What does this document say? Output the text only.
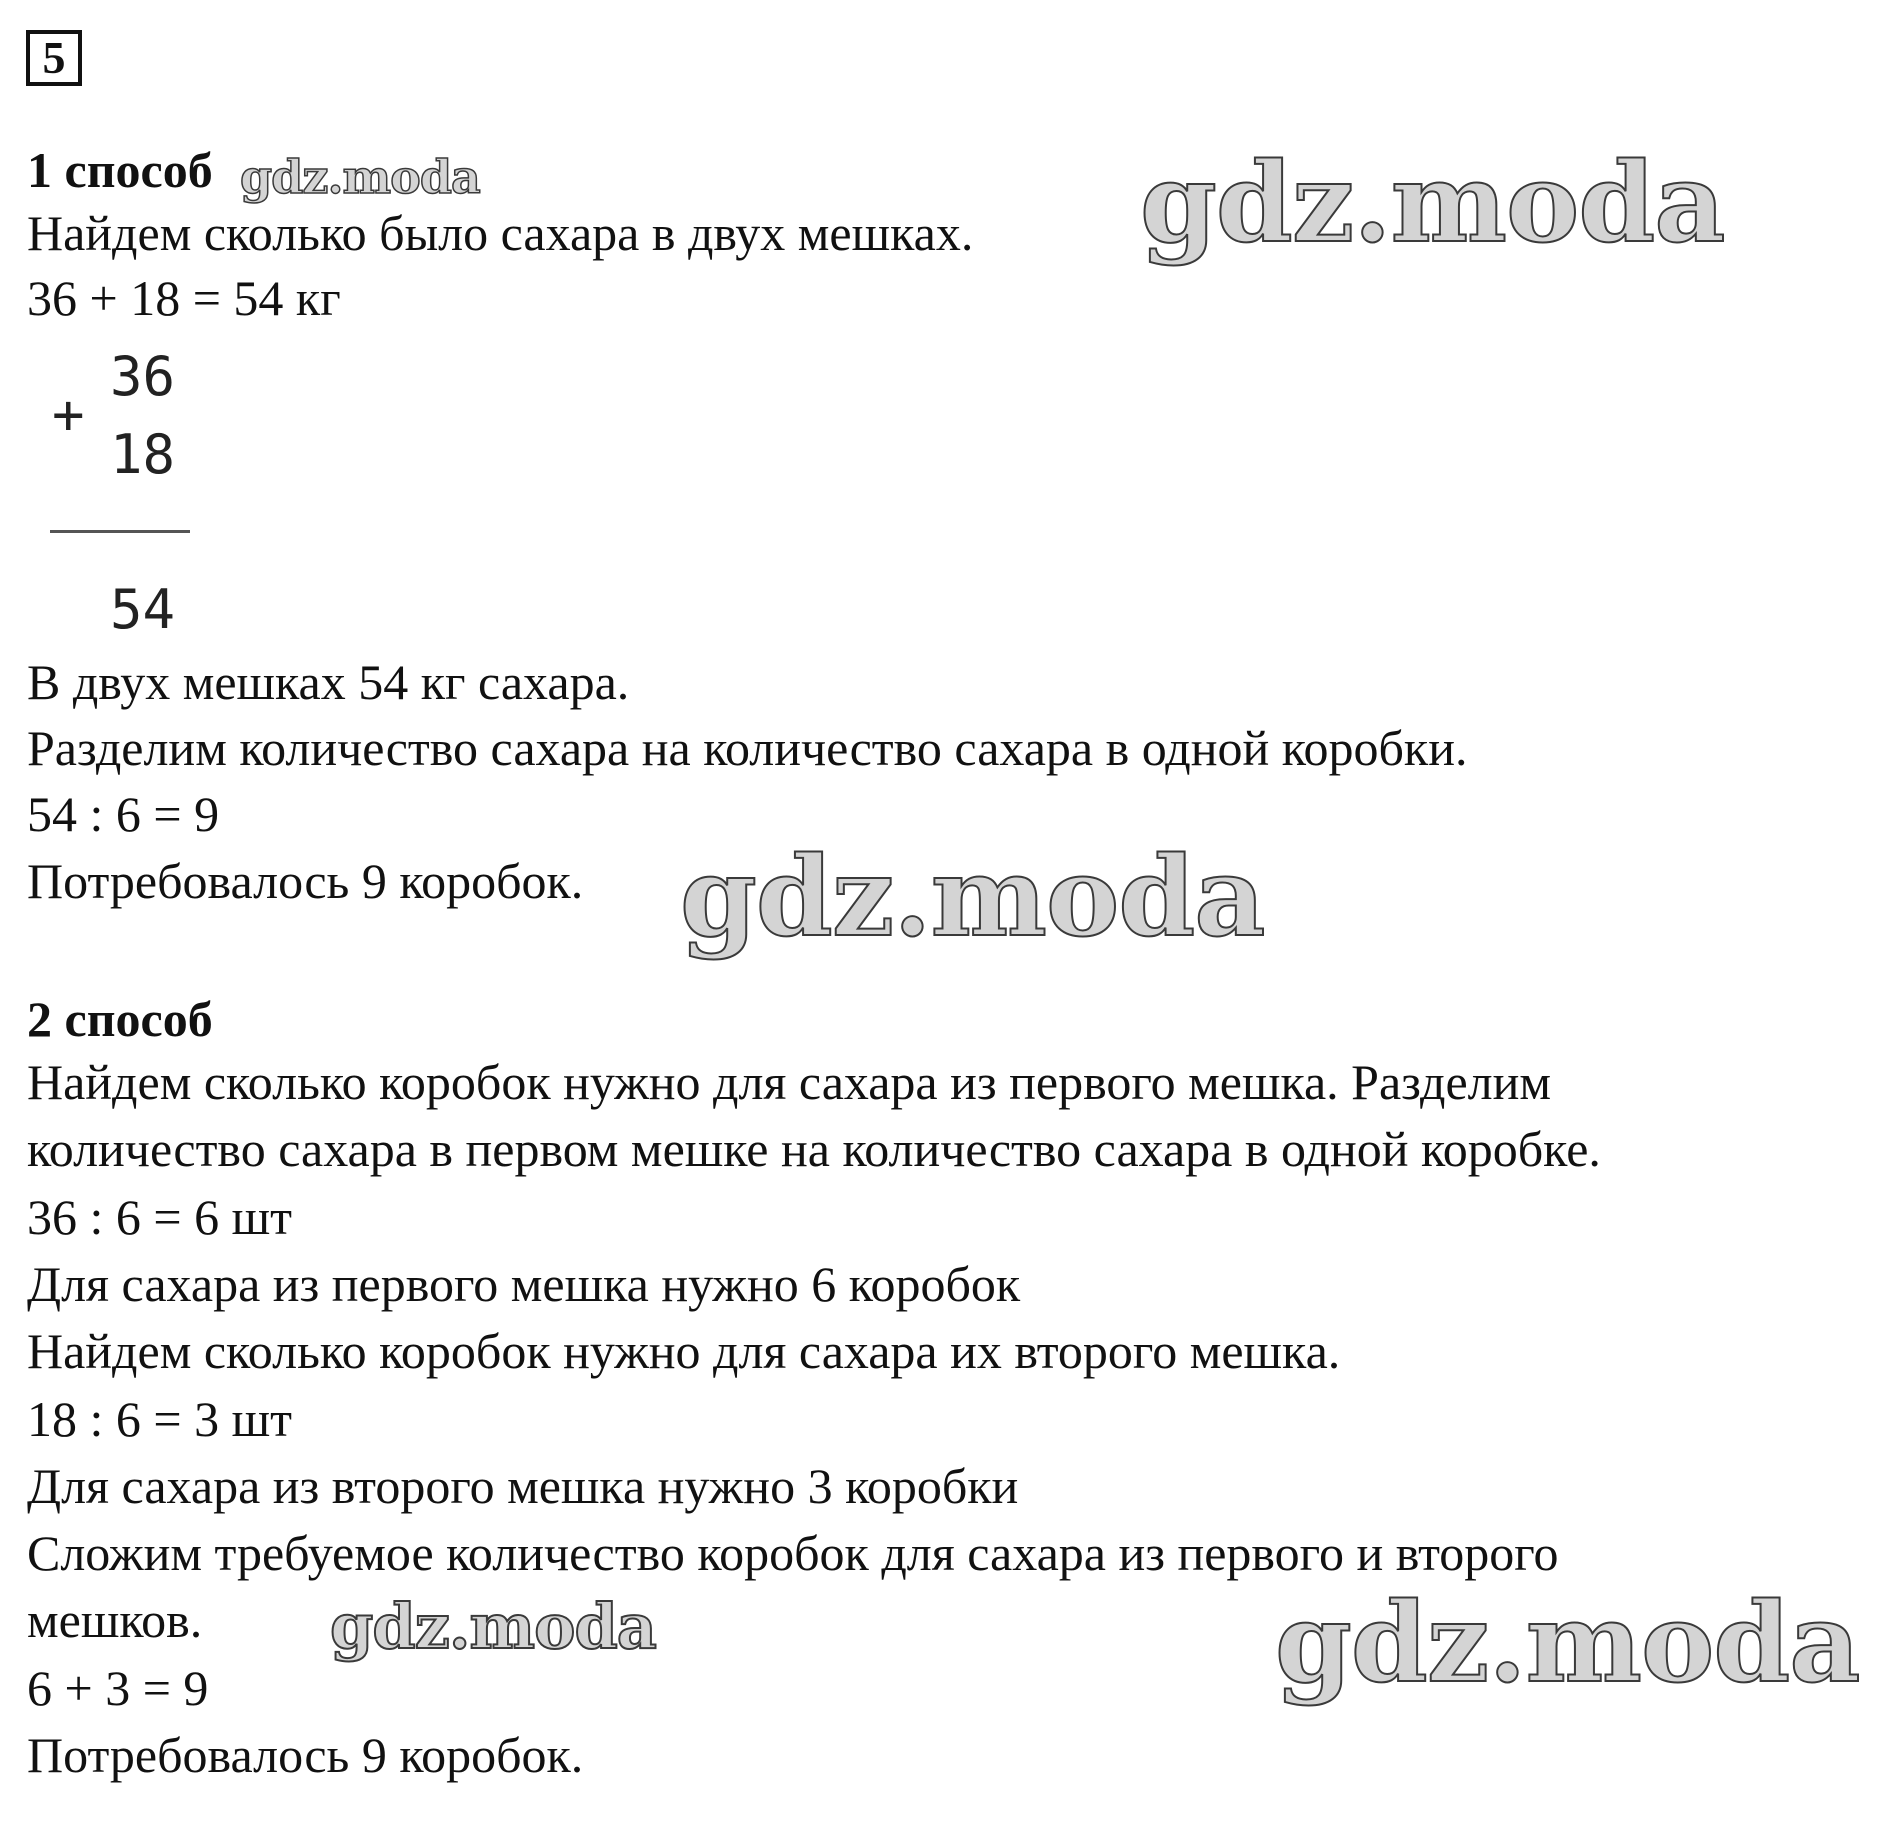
5
1 способ
Найдем сколько было сахара в двух мешках.
36 + 18 = 54 кг
+
36
18
54
В двух мешках 54 кг сахара.
Разделим количество сахара на количество сахара в одной коробки.
54 : 6 = 9
Потребовалось 9 коробок.
2 способ
Найдем сколько коробок нужно для сахара из первого мешка. Разделим
количество сахара в первом мешке на количество сахара в одной коробке.
36 : 6 = 6 шт
Для сахара из первого мешка нужно 6 коробок
Найдем сколько коробок нужно для сахара их второго мешка.
18 : 6 = 3 шт
Для сахара из второго мешка нужно 3 коробки
Сложим требуемое количество коробок для сахара из первого и второго
мешков.
6 + 3 = 9
Потребовалось 9 коробок.
gdz.moda	gdz.moda
gdz.moda
gdz.moda	gdz.moda
